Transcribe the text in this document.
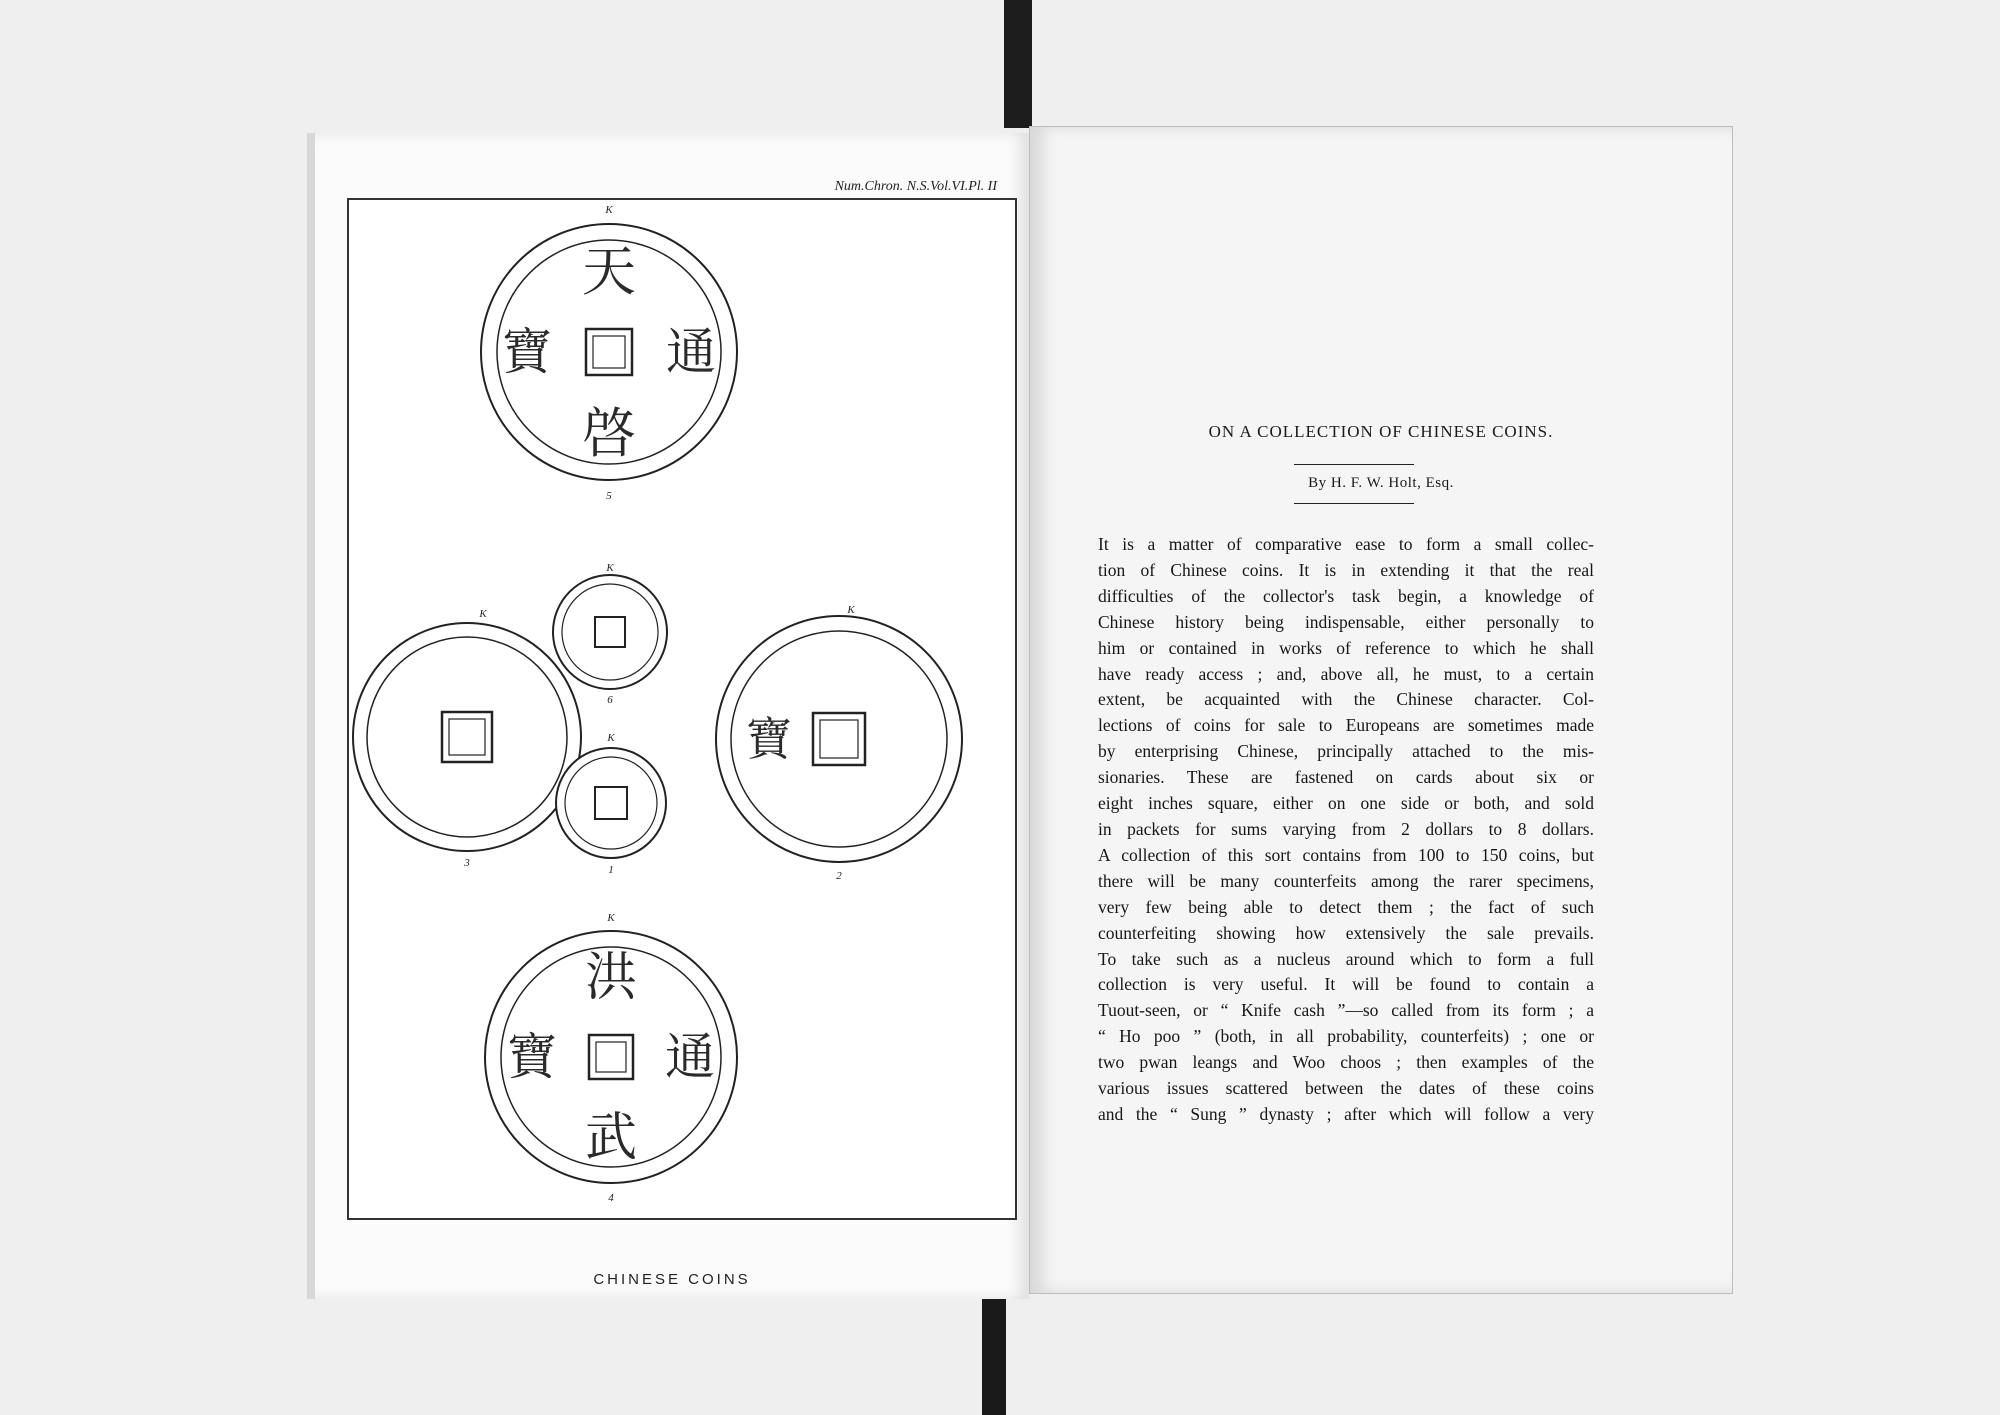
Num.Chron. N.S.Vol.VI.Pl. II
K
天
通
啓
寶
5
K
6
K
3
K
1
K
寶
2
K
洪
通
武
寶
4
CHINESE COINS
ON A COLLECTION OF CHINESE COINS.
By H. F. W. Holt, Esq.
It is a matter of comparative ease to form a small collec-
tion of Chinese coins. It is in extending it that the real
difficulties of the collector's task begin, a knowledge of
Chinese history being indispensable, either personally to
him or contained in works of reference to which he shall
have ready access ; and, above all, he must, to a certain
extent, be acquainted with the Chinese character. Col-
lections of coins for sale to Europeans are sometimes made
by enterprising Chinese, principally attached to the mis-
sionaries. These are fastened on cards about six or
eight inches square, either on one side or both, and sold
in packets for sums varying from 2 dollars to 8 dollars.
A collection of this sort contains from 100 to 150 coins, but
there will be many counterfeits among the rarer specimens,
very few being able to detect them ; the fact of such
counterfeiting showing how extensively the sale prevails.
To take such as a nucleus around which to form a full
collection is very useful. It will be found to contain a
Tuout-seen, or “ Knife cash ”—so called from its form ; a
“ Ho poo ” (both, in all probability, counterfeits) ; one or
two pwan leangs and Woo choos ; then examples of the
various issues scattered between the dates of these coins
and the “ Sung ” dynasty ; after which will follow a very
